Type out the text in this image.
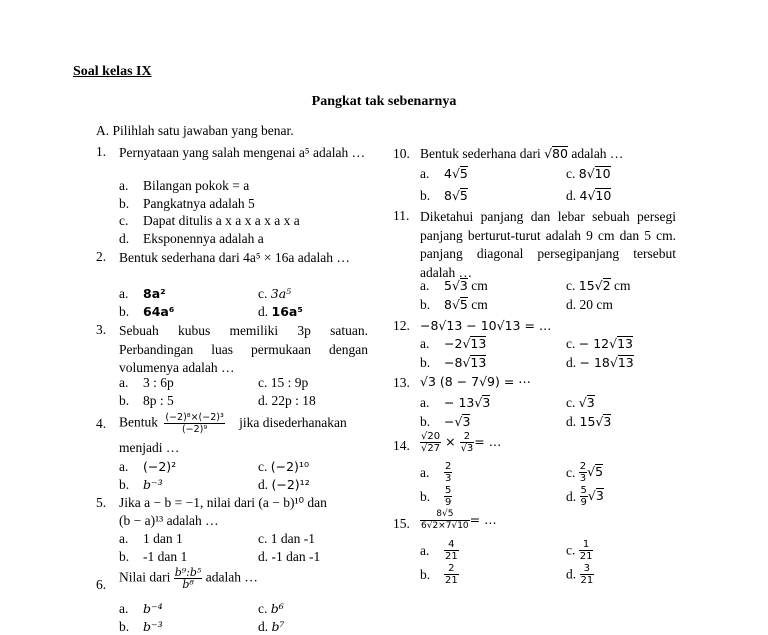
Soal kelas IX
Pangkat tak sebenarnya
A. Pilihlah satu jawaban yang benar.
1. Pernyataan yang salah mengenai a⁵ adalah …
a. Bilangan pokok = a
b. Pangkatnya adalah 5
c. Dapat ditulis a x a x a x a x a
d. Eksponennya adalah a
2. Bentuk sederhana dari 4a⁵ × 16a adalah …
a. 8a²	c. 3a⁵
b. 64a⁶	d. 16a⁵
3. Sebuah kubus memiliki 3p satuan. Perbandingan luas permukaan dengan volumenya adalah …
a. 3 : 6p	c. 15 : 9p
b. 8p : 5	d. 22p : 18
4. Bentuk $\frac{\text{(−2)⁸×(−2)³}}{\text{(−2)⁹}}$ jika disederhanakan
menjadi …
a. (−2)²	c. (−2)¹⁰
b. b⁻³	d. (−2)¹²
5. Jika a − b = −1, nilai dari (a − b)¹⁰ dan
(b − a)¹³ adalah …
a. 1 dan 1	c. 1 dan -1
b. -1 dan 1	d. -1 dan -1
6. Nilai dari $\frac{\text{b⁹:b⁵}}{\text{b⁸}}$ adalah …
a. b⁻⁴	c. b⁶
b. b⁻³	d. b⁷
10. Bentuk sederhana dari √80 adalah …
a. 4√5	c. 8√10
b. 8√5	d. 4√10
11. Diketahui panjang dan lebar sebuah persegi panjang berturut-turut adalah 9 cm dan 5 cm. panjang diagonal persegipanjang tersebut adalah …
a. 5√3 cm	c. 15√2 cm
b. 8√5 cm	d. 20 cm
12. −8√13 − 10√13 = …
a. −2√13	c. − 12√13
b. −8√13	d. − 18√13
13. √3 (8 − 7√9) = ⋯
a. − 13√3	c. √3
b. −√3	d. 15√3
14. $\frac{√20}{√27} \times \frac{2}{√3}$ = …
a. $\frac{2}{3}$	c. $\frac{2}{3} √5$
b. $\frac{5}{9}$	d. $\frac{5}{9} √3$
15. $\frac{8√5}{6√2\times 7√10}$ = …
a. $\frac{4}{21}$	c. $\frac{1}{21}$
b. $\frac{2}{21}$	d. $\frac{3}{21}$
